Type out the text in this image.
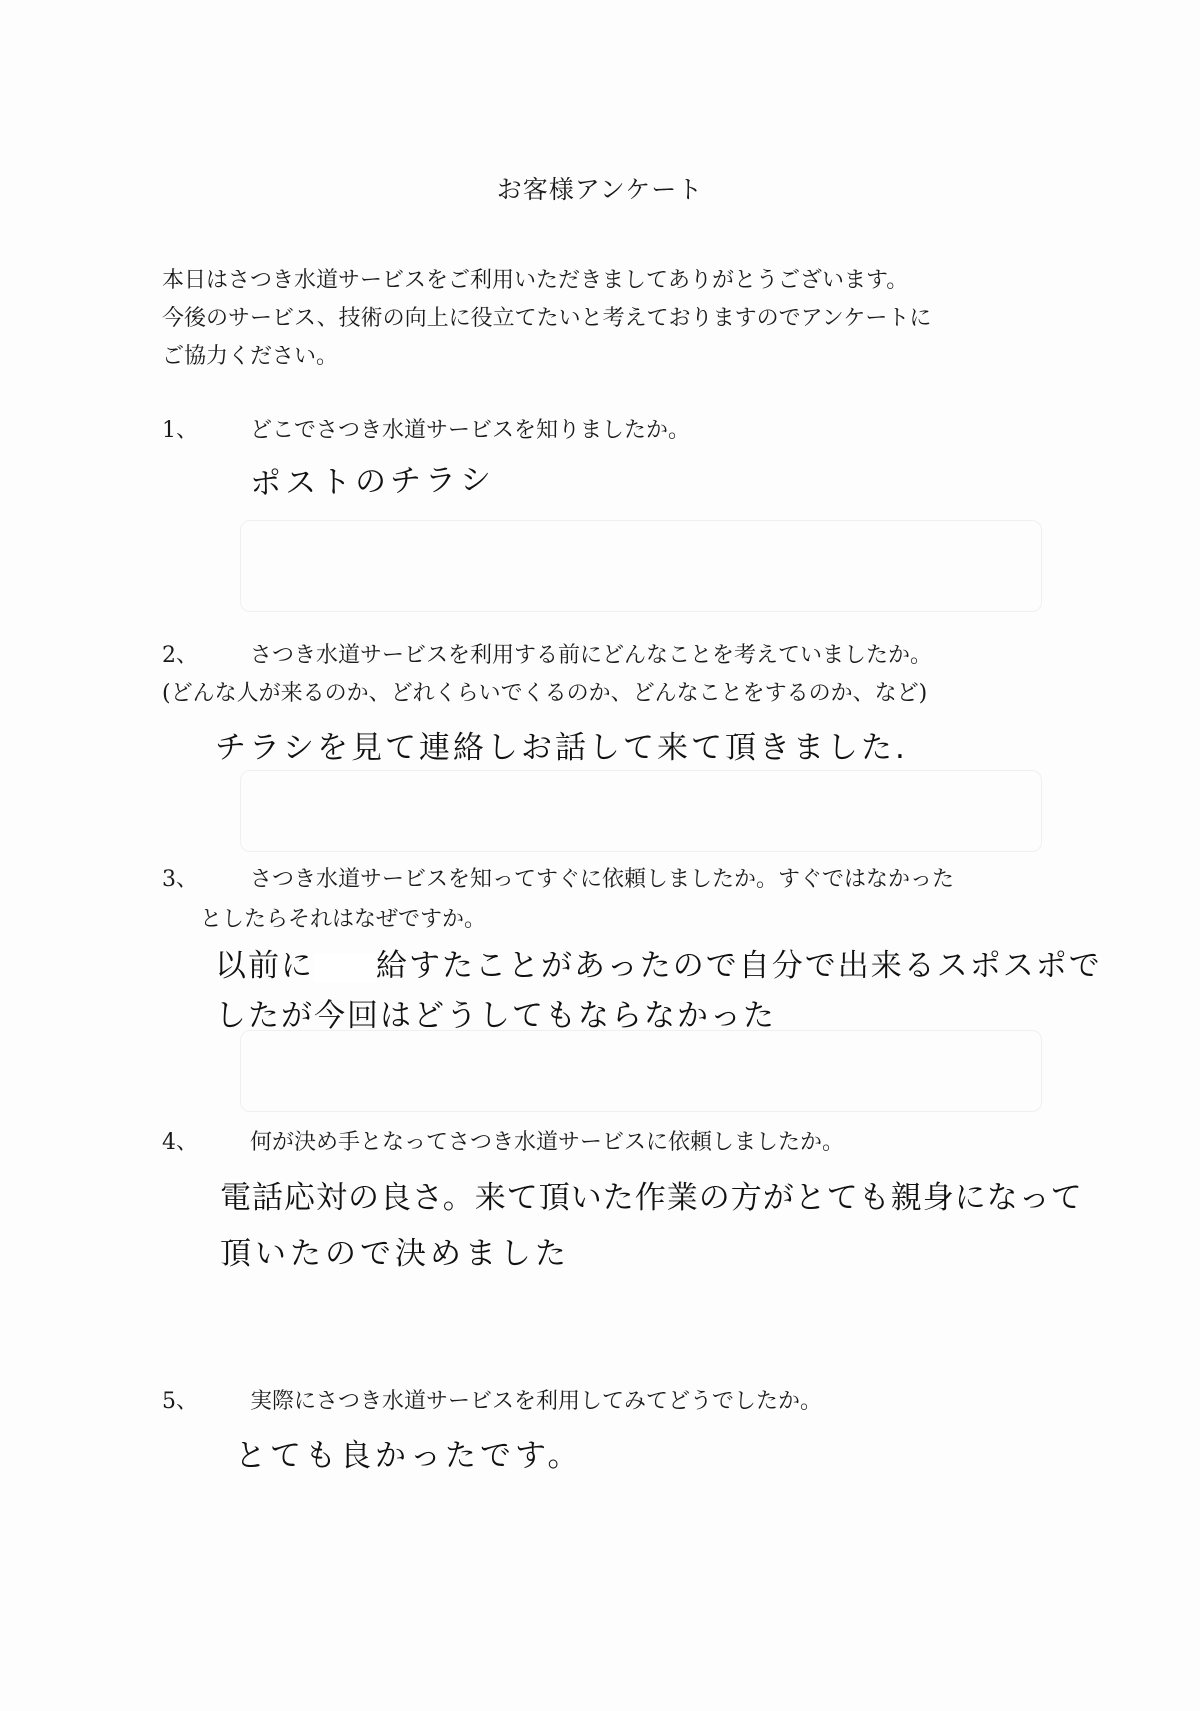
お客様アンケート
本日はさつき水道サービスをご利用いただきましてありがとうございます。
今後のサービス、技術の向上に役立てたいと考えておりますのでアンケートに
ご協力ください。
1、 どこでさつき水道サービスを知りましたか。
ポストのチラシ
2、 さつき水道サービスを利用する前にどんなことを考えていましたか。
(どんな人が来るのか、どれくらいでくるのか、どんなことをするのか、など)
チラシを見て連絡しお話して来て頂きました.
3、 さつき水道サービスを知ってすぐに依頼しましたか。すぐではなかった
としたらそれはなぜですか。
以前に 給すたことがあったので自分で出来るスポスポで
したが今回はどうしてもならなかった
4、 何が決め手となってさつき水道サービスに依頼しましたか。
電話応対の良さ。来て頂いた作業の方がとても親身になって
頂いたので決めました
5、 実際にさつき水道サービスを利用してみてどうでしたか。
とても良かったです。
